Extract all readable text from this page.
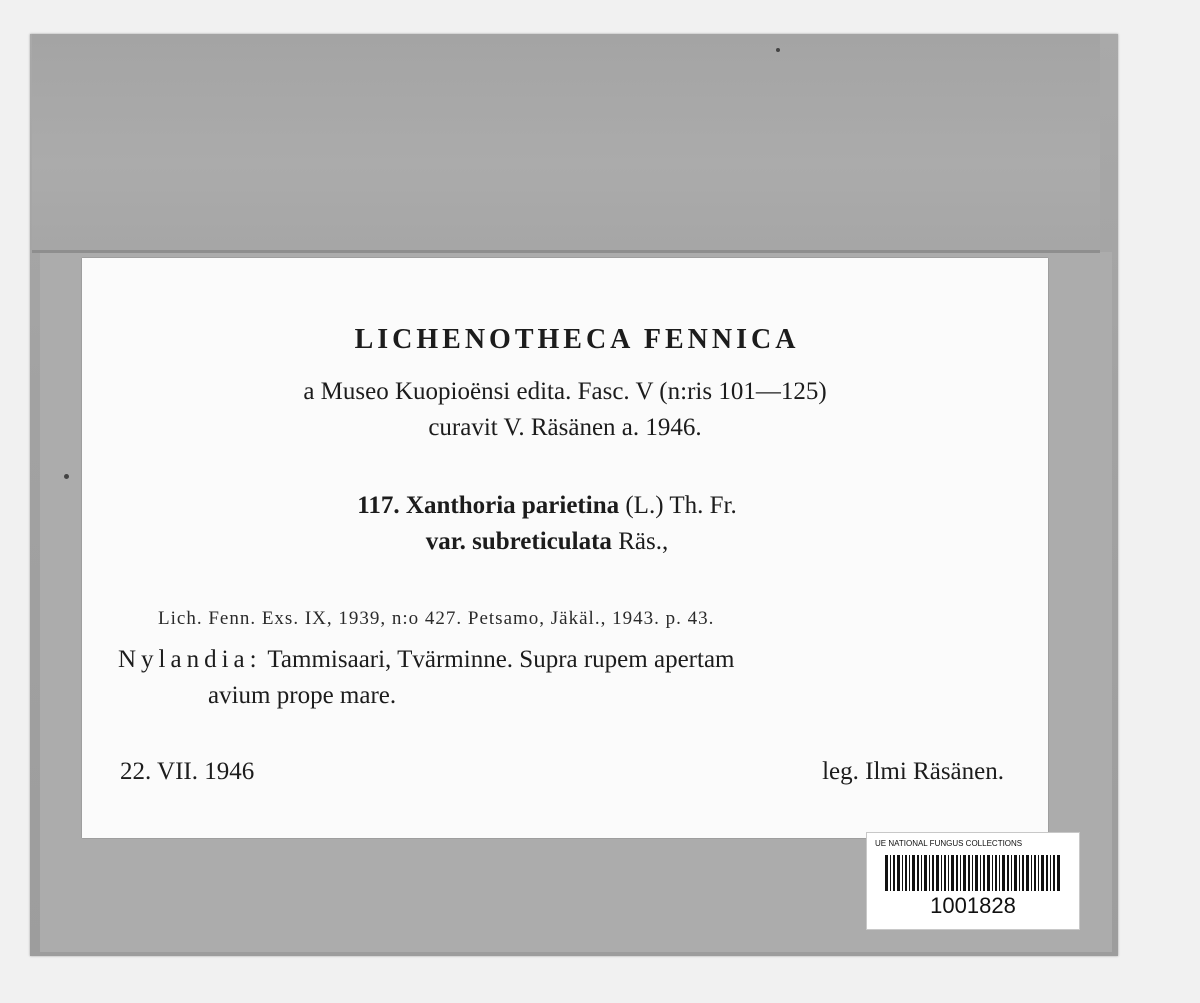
LICHENOTHECA FENNICA
a Museo Kuopioënsi edita. Fasc. V (n:ris 101—125)
curavit V. Räsänen a. 1946.
117. Xanthoria parietina (L.) Th. Fr.
var. subreticulata Räs.,
Lich. Fenn. Exs. IX, 1939, n:o 427. Petsamo, Jäkäl., 1943. p. 43.
Nylandia: Tammisaari, Tvärminne. Supra rupem apertam
avium prope mare.
22. VII. 1946	leg. Ilmi Räsänen.
UE NATIONAL FUNGUS COLLECTIONS
1001828
